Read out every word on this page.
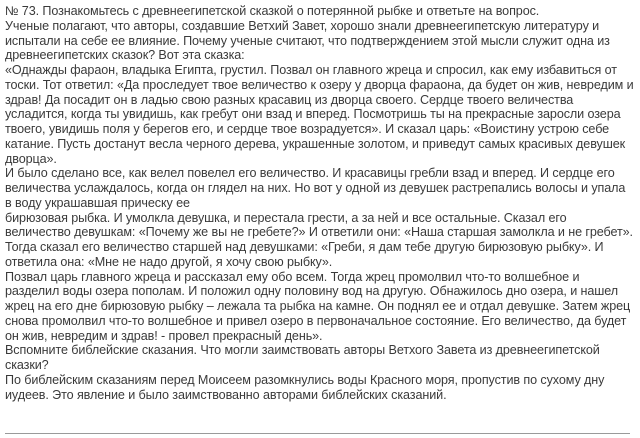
№ 73. Познакомьтесь с древнеегипетской сказкой о потерянной рыбке и ответьте на вопрос.
Ученые полагают, что авторы, создавшие Ветхий Завет, хорошо знали древнеегипетскую литературу и испытали на себе ее влияние. Почему ученые считают, что подтверждением этой мысли служит одна из древнеегипетских сказок? Вот эта сказка:

«Однажды фараон, владыка Египта, грустил. Позвал он главного жреца и спросил, как ему избавиться от тоски. Тот ответил: «Да проследует твое величество к озеру у дворца фараона, да будет он жив, невредим и здрав! Да посадит он в ладью свою разных красавиц из дворца своего. Сердце твоего величества усладится, когда ты увидишь, как гребут они взад и вперед. Посмотришь ты на прекрасные заросли озера твоего, увидишь поля у берегов его, и сердце твое возрадуется». И сказал царь: «Воистину устрою себе катание. Пусть достанут весла черного дерева, украшенные золотом, и приведут самых красивых девушек дворца».

И было сделано все, как велел повелел его величество. И красавицы гребли взад и вперед. И сердце его величества услаждалось, когда он глядел на них. Но вот у одной из девушек растрепались волосы и упала в воду украшавшая прическу ее
бирюзовая рыбка. И умолкла девушка, и перестала грести, а за ней и все остальные. Сказал его величество девушкам: «Почему же вы не гребете?» И ответили они: «Наша старшая замолкла и не гребет». Тогда сказал его величество старшей над девушками: «Греби, я дам тебе другую бирюзовую рыбку». И ответила она: «Мне не надо другой, я хочу свою рыбку».

Позвал царь главного жреца и рассказал ему обо всем. Тогда жрец промолвил что-то волшебное и разделил воды озера пополам. И положил одну половину вод на другую. Обнажилось дно озера, и нашел жрец на его дне бирюзовую рыбку – лежала та рыбка на камне. Он поднял ее и отдал девушке. Затем жрец снова промолвил что-то волшебное и привел озеро в первоначальное состояние. Его величество, да будет он жив, невредим и здрав! - провел прекрасный день».

Вспомните библейские сказания. Что могли заимствовать авторы Ветхого Завета из древнеегипетской сказки?

По библейским сказаниям перед Моисеем разомкнулись воды Красного моря, пропустив по сухому дну иудеев. Это явление и было заимствованно авторами библейских сказаний.
